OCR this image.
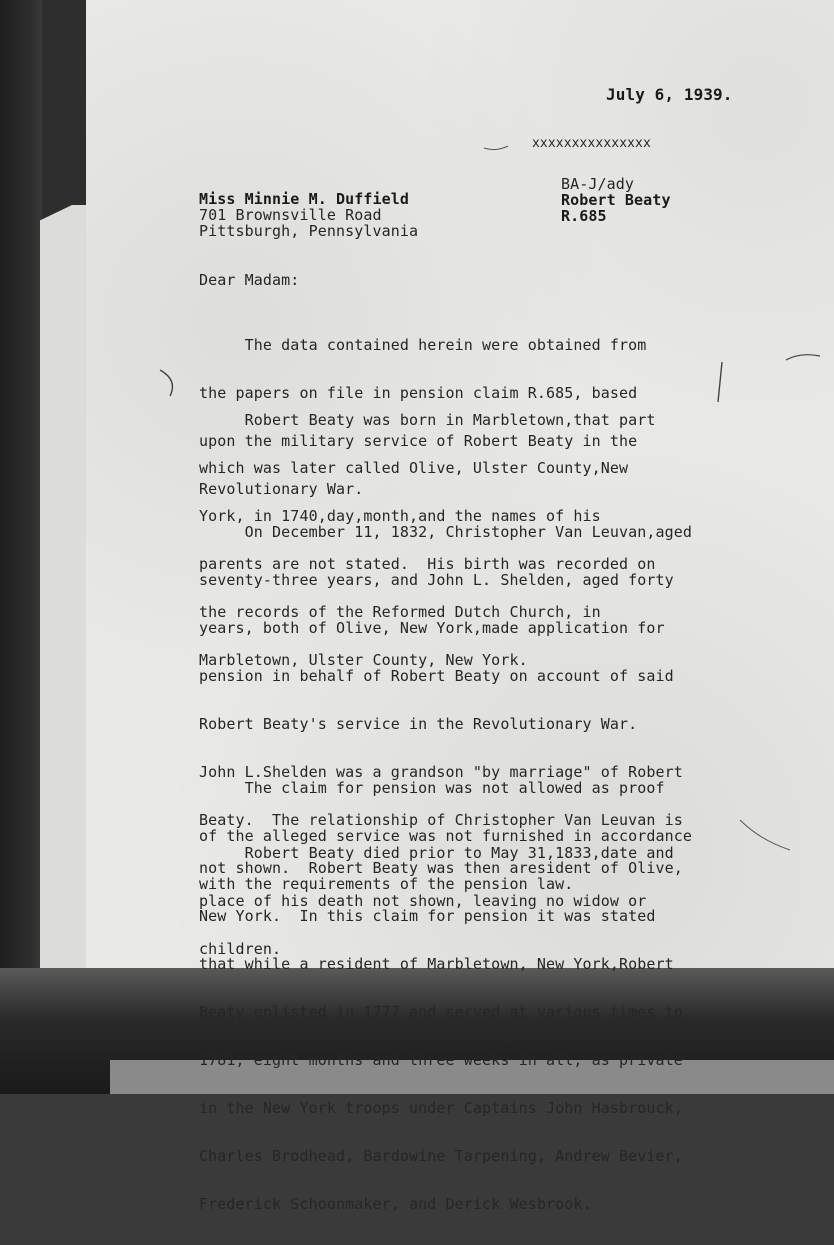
July 6, 1939.
xxxxxxxxxxxxxxx
BA-J/ady
Robert Beaty
R.685
Miss Minnie M. Duffield
701 Brownsville Road
Pittsburgh, Pennsylvania
Dear Madam:

The data contained herein were obtained from

the papers on file in pension claim R.685, based

upon the military service of Robert Beaty in the

Revolutionary War.

Robert Beaty was born in Marbletown,that part

which was later called Olive, Ulster County,New

York, in 1740,day,month,and the names of his

parents are not stated.  His birth was recorded on

the records of the Reformed Dutch Church, in

Marbletown, Ulster County, New York.

On December 11, 1832, Christopher Van Leuvan,aged

seventy-three years, and John L. Shelden, aged forty

years, both of Olive, New York,made application for

pension in behalf of Robert Beaty on account of said

Robert Beaty's service in the Revolutionary War.

John L.Shelden was a grandson "by marriage" of Robert

Beaty.  The relationship of Christopher Van Leuvan is

not shown.  Robert Beaty was then aresident of Olive,

New York.  In this claim for pension it was stated

that while a resident of Marbletown, New York,Robert

Beaty enlisted in 1777 and served at various times to

1781, eight months and three weeks in all, as private

in the New York troops under Captains John Hasbrouck,

Charles Brodhead, Bardowine Tarpening, Andrew Bevier,

Frederick Schoonmaker, and Derick Wesbrook.

The claim for pension was not allowed as proof

of the alleged service was not furnished in accordance

with the requirements of the pension law.

Robert Beaty died prior to May 31,1833,date and

place of his death not shown, leaving no widow or

children.
